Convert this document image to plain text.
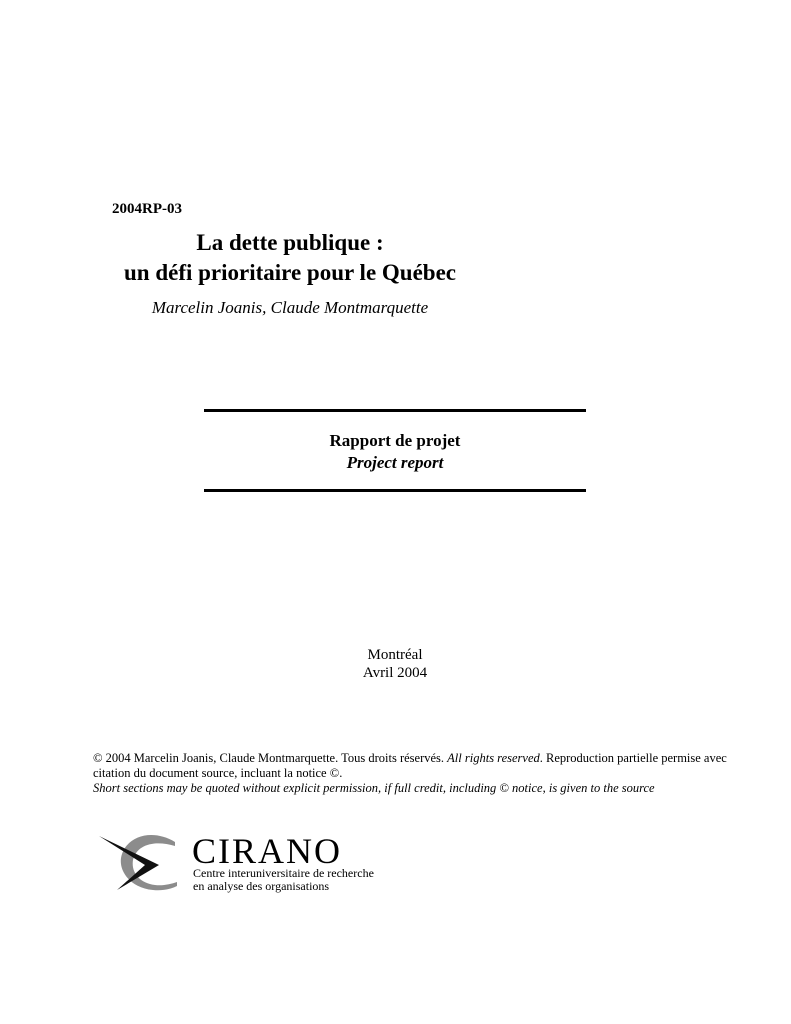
2004RP-03
La dette publique :
un défi prioritaire pour le Québec
Marcelin Joanis, Claude Montmarquette
Rapport de projet
Project report
Montréal
Avril 2004
© 2004 Marcelin Joanis, Claude Montmarquette. Tous droits réservés. All rights reserved. Reproduction partielle permise avec citation du document source, incluant la notice ©.
Short sections may be quoted without explicit permission, if full credit, including © notice, is given to the source
CIRANO
Centre interuniversitaire de recherche
en analyse des organisations
